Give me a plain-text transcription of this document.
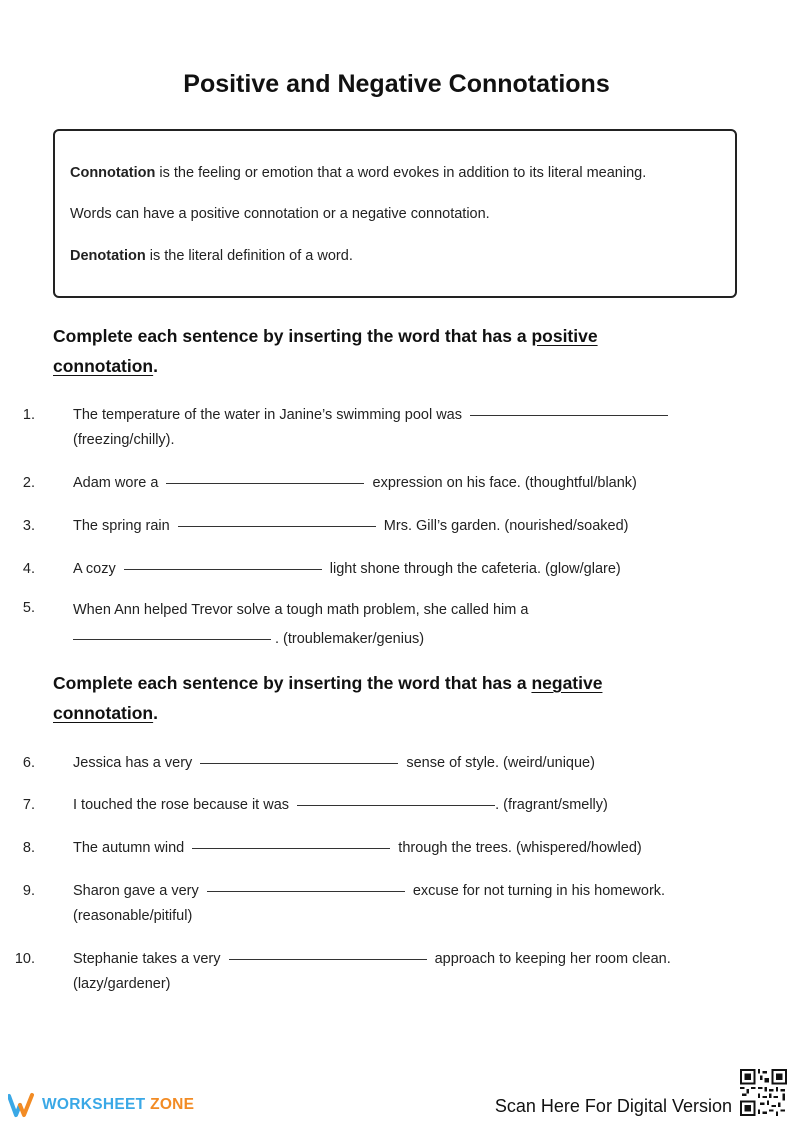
Positive and Negative Connotations
Connotation is the feeling or emotion that a word evokes in addition to its literal meaning.
Words can have a positive connotation or a negative connotation.
Denotation is the literal definition of a word.
Complete each sentence by inserting the word that has a positive
connotation.
1.	The temperature of the water in Janine’s swimming pool was
(freezing/chilly).
2.	Adam wore a	expression on his face. (thoughtful/blank)
3.	The spring rain	Mrs. Gill’s garden. (nourished/soaked)
4.	A cozy	light shone through the cafeteria. (glow/glare)
5.	When Ann helped Trevor solve a tough math problem, she called him a
. (troublemaker/genius)
Complete each sentence by inserting the word that has a negative
connotation.
6.	Jessica has a very	sense of style. (weird/unique)
7.	I touched the rose because it was	. (fragrant/smelly)
8.	The autumn wind	through the trees. (whispered/howled)
9.	Sharon gave a very	excuse for not turning in his homework. (reasonable/pitiful)
10.	Stephanie takes a very	approach to keeping her room clean. (lazy/gardener)
WORKSHEET ZONE	Scan Here For Digital Version
